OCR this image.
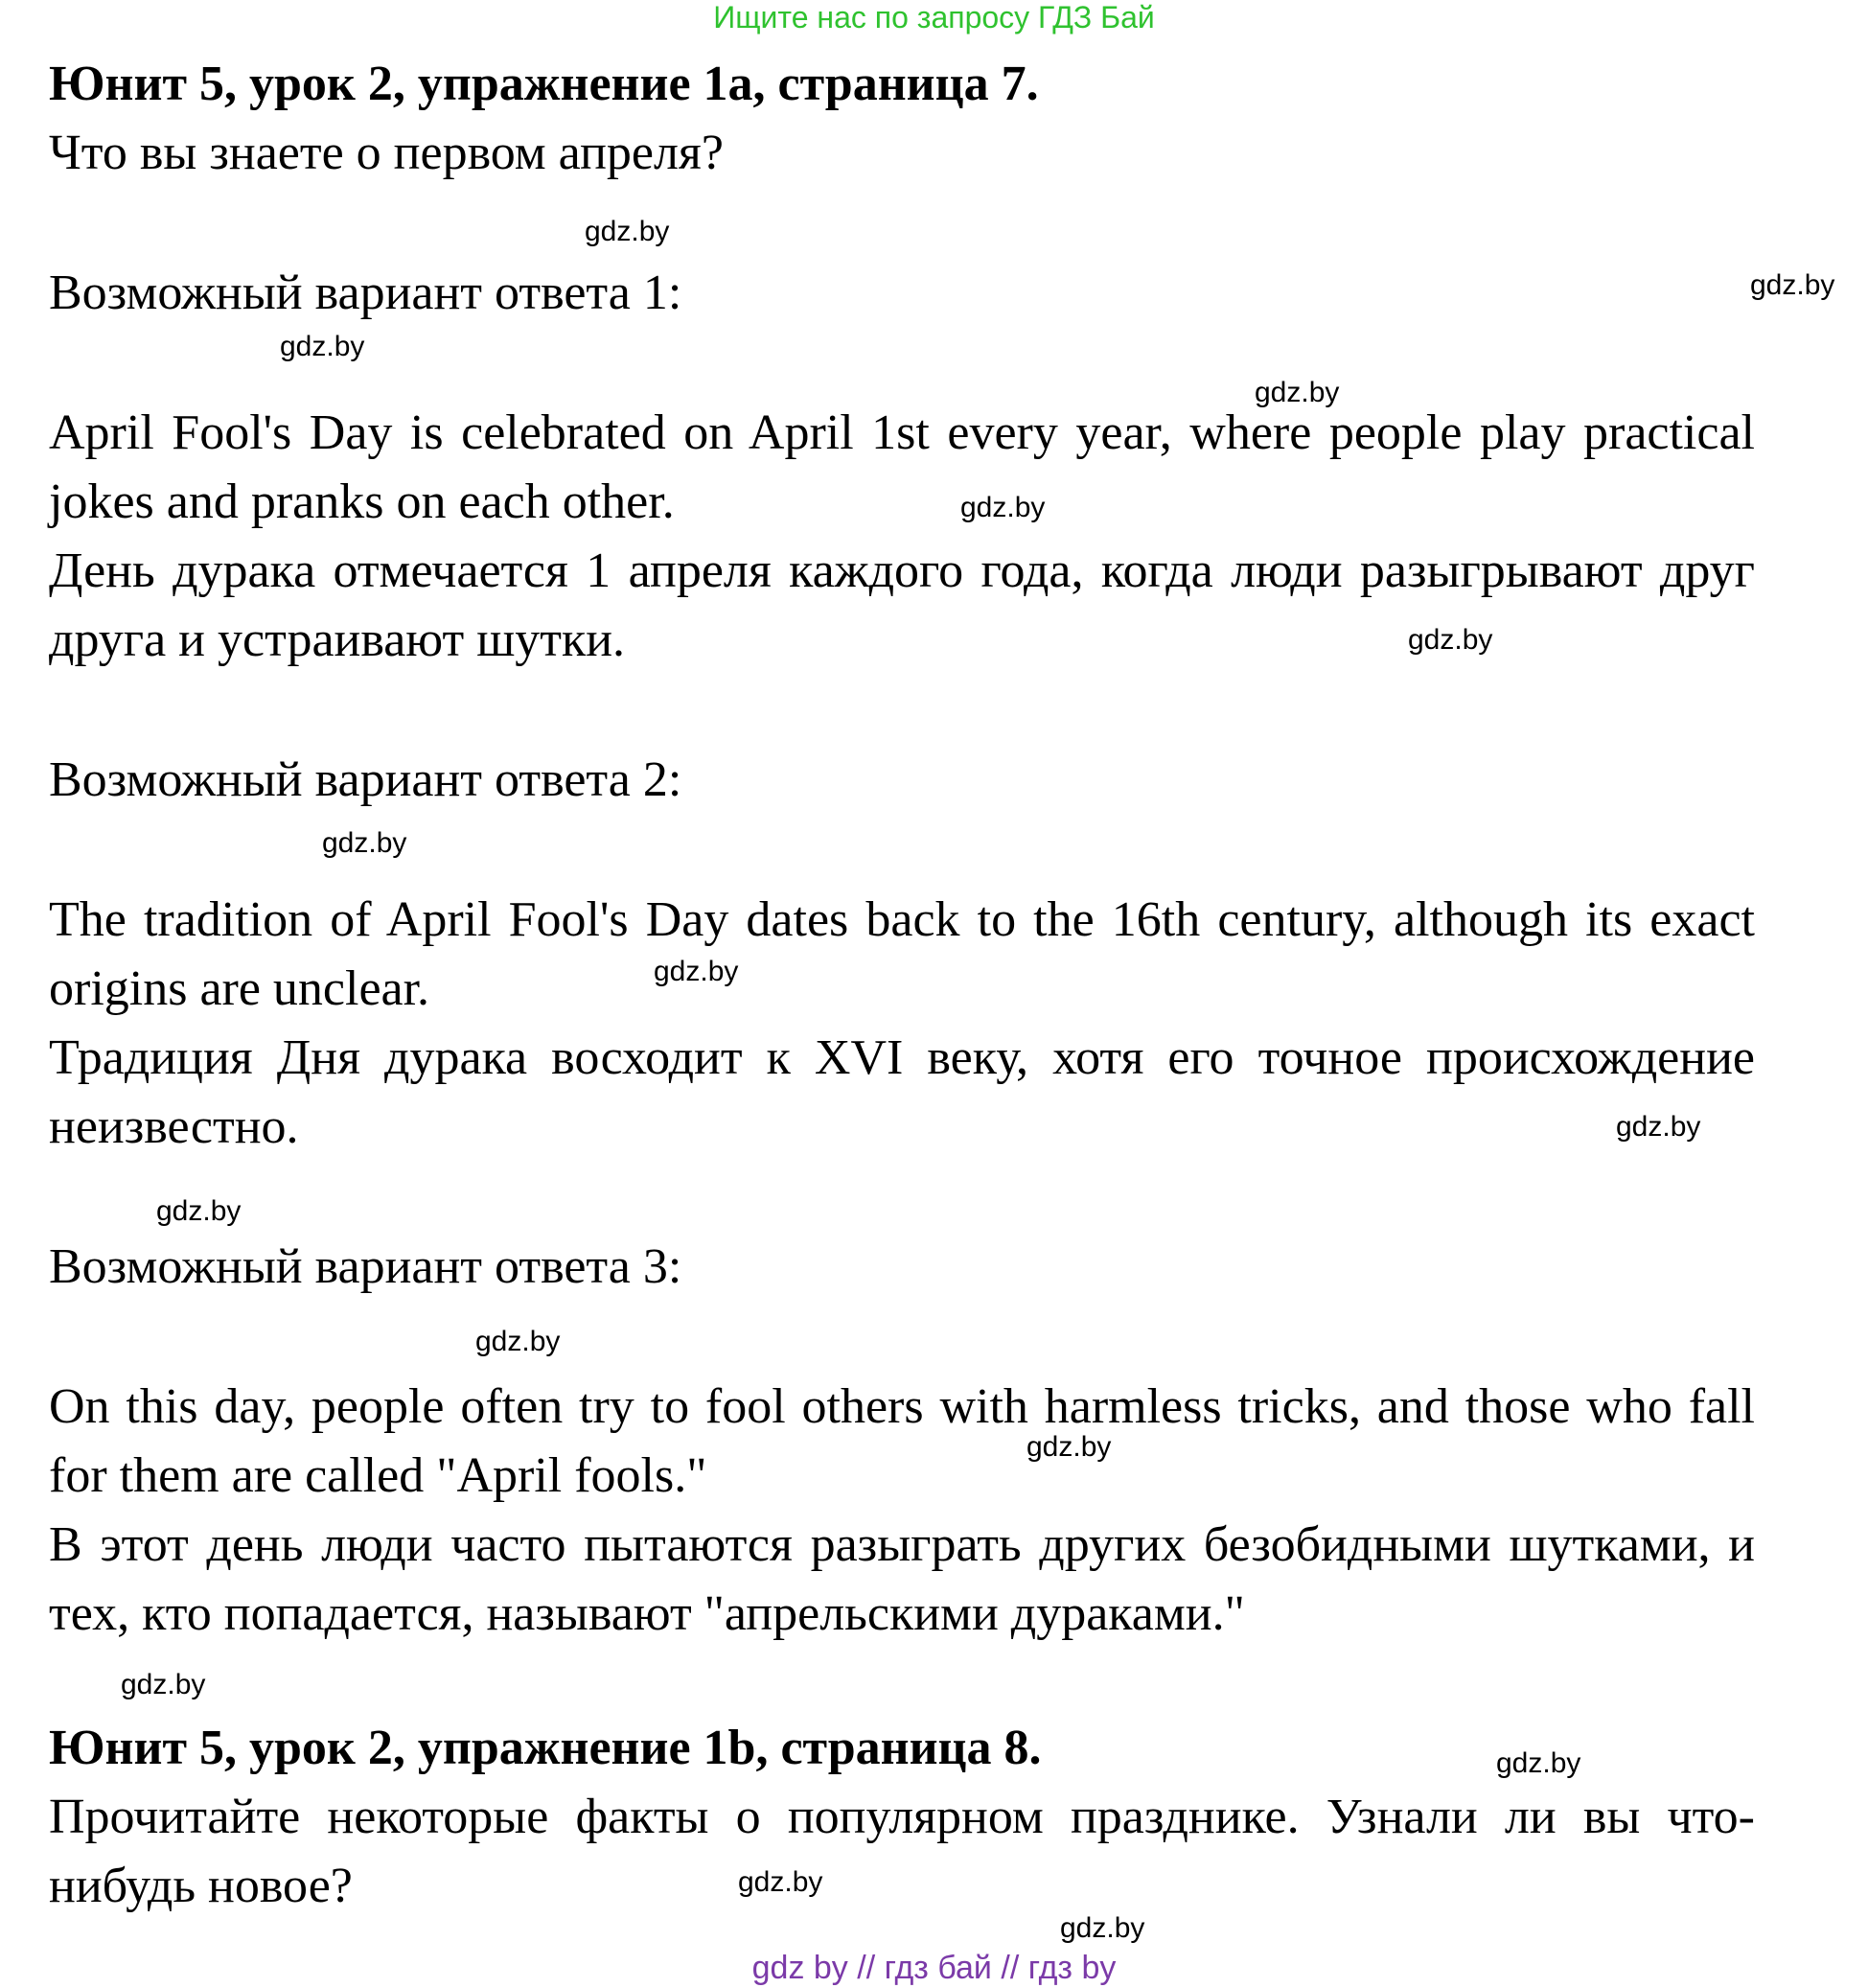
Ищите нас по запросу ГДЗ Бай

Юнит 5, урок 2, упражнение 1a, страница 7.

Что вы знаете о первом апреля?

Возможный вариант ответа 1:

April Fool's Day is celebrated on April 1st every year, where people play practical jokes and pranks on each other.

День дурака отмечается 1 апреля каждого года, когда люди разыгрывают друг друга и устраивают шутки.

Возможный вариант ответа 2:

The tradition of April Fool's Day dates back to the 16th century, although its exact origins are unclear.

Традиция Дня дурака восходит к XVI веку, хотя его точное происхождение неизвестно.

Возможный вариант ответа 3:

On this day, people often try to fool others with harmless tricks, and those who fall for them are called "April fools."

В этот день люди часто пытаются разыграть других безобидными шутками, и тех, кто попадается, называют "апрельскими дураками."

Юнит 5, урок 2, упражнение 1b, страница 8.

Прочитайте некоторые факты о популярном празднике. Узнали ли вы что-нибудь новое?

gdz.by
gdz.by
gdz.by
gdz.by
gdz.by
gdz.by
gdz.by
gdz.by
gdz.by
gdz.by
gdz.by
gdz.by
gdz.by
gdz.by
gdz.by
gdz.by
gdz by // гдз бай // гдз by
